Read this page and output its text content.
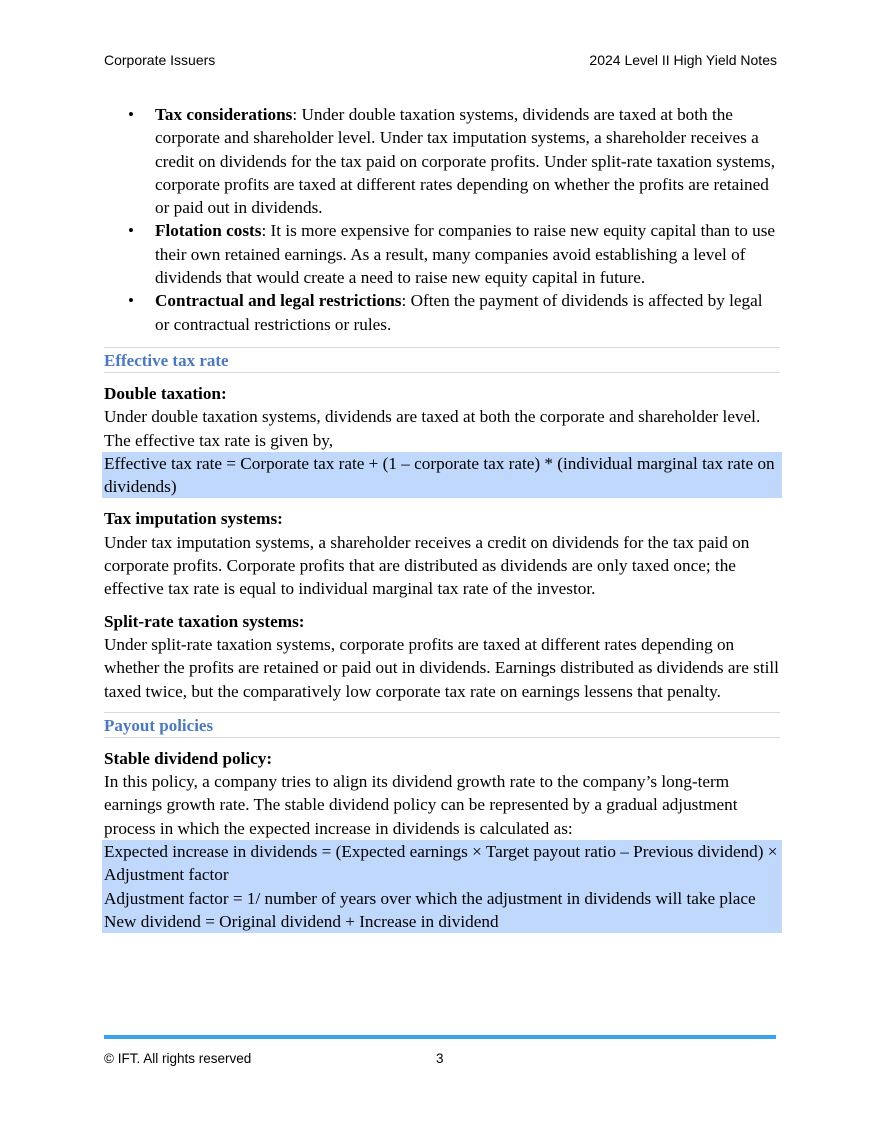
Corporate Issuers	2024 Level II High Yield Notes
• Tax considerations: Under double taxation systems, dividends are taxed at both the corporate and shareholder level. Under tax imputation systems, a shareholder receives a credit on dividends for the tax paid on corporate profits. Under split-rate taxation systems, corporate profits are taxed at different rates depending on whether the profits are retained or paid out in dividends.
• Flotation costs: It is more expensive for companies to raise new equity capital than to use their own retained earnings. As a result, many companies avoid establishing a level of dividends that would create a need to raise new equity capital in future.
• Contractual and legal restrictions: Often the payment of dividends is affected by legal or contractual restrictions or rules.
Effective tax rate
Double taxation:
Under double taxation systems, dividends are taxed at both the corporate and shareholder level. The effective tax rate is given by,
Effective tax rate = Corporate tax rate + (1 – corporate tax rate) * (individual marginal tax rate on dividends)
Tax imputation systems:
Under tax imputation systems, a shareholder receives a credit on dividends for the tax paid on corporate profits. Corporate profits that are distributed as dividends are only taxed once; the effective tax rate is equal to individual marginal tax rate of the investor.
Split-rate taxation systems:
Under split-rate taxation systems, corporate profits are taxed at different rates depending on whether the profits are retained or paid out in dividends. Earnings distributed as dividends are still taxed twice, but the comparatively low corporate tax rate on earnings lessens that penalty.
Payout policies
Stable dividend policy:
In this policy, a company tries to align its dividend growth rate to the company’s long-term earnings growth rate. The stable dividend policy can be represented by a gradual adjustment process in which the expected increase in dividends is calculated as:
Expected increase in dividends = (Expected earnings × Target payout ratio – Previous dividend) × Adjustment factor
Adjustment factor = 1/ number of years over which the adjustment in dividends will take place
New dividend = Original dividend + Increase in dividend
© IFT. All rights reserved	3
